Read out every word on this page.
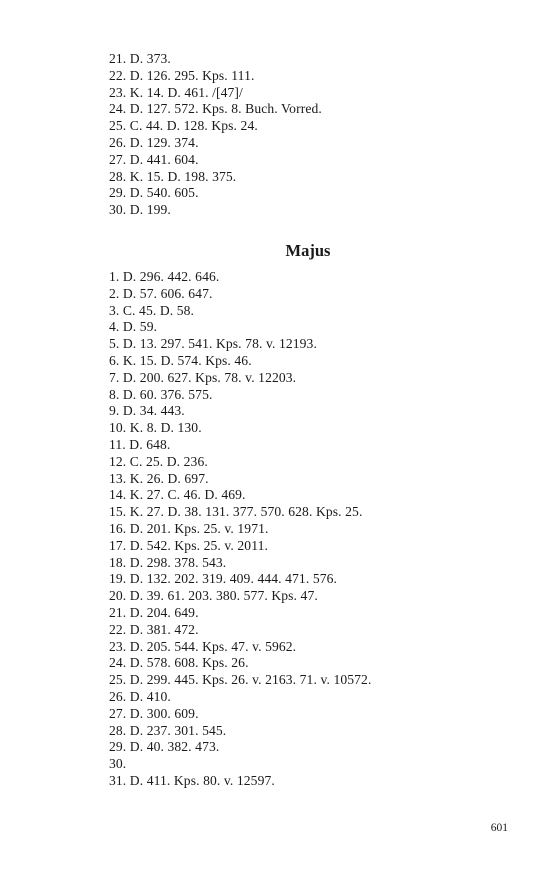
21. D. 373.
22. D. 126. 295. Kps. 111.
23. K. 14. D. 461. /[47]/
24. D. 127. 572. Kps. 8. Buch. Vorred.
25. C. 44. D. 128. Kps. 24.
26. D. 129. 374.
27. D. 441. 604.
28. K. 15. D. 198. 375.
29. D. 540. 605.
30. D. 199.
Majus
1. D. 296. 442. 646.
2. D. 57. 606. 647.
3. C. 45. D. 58.
4. D. 59.
5. D. 13. 297. 541. Kps. 78. v. 12193.
6. K. 15. D. 574. Kps. 46.
7. D. 200. 627. Kps. 78. v. 12203.
8. D. 60. 376. 575.
9. D. 34. 443.
10. K. 8. D. 130.
11. D. 648.
12. C. 25. D. 236.
13. K. 26. D. 697.
14. K. 27. C. 46. D. 469.
15. K. 27. D. 38. 131. 377. 570. 628. Kps. 25.
16. D. 201. Kps. 25. v. 1971.
17. D. 542. Kps. 25. v. 2011.
18. D. 298. 378. 543.
19. D. 132. 202. 319. 409. 444. 471. 576.
20. D. 39. 61. 203. 380. 577. Kps. 47.
21. D. 204. 649.
22. D. 381. 472.
23. D. 205. 544. Kps. 47. v. 5962.
24. D. 578. 608. Kps. 26.
25. D. 299. 445. Kps. 26. v. 2163. 71. v. 10572.
26. D. 410.
27. D. 300. 609.
28. D. 237. 301. 545.
29. D. 40. 382. 473.
30.
31. D. 411. Kps. 80. v. 12597.
601
